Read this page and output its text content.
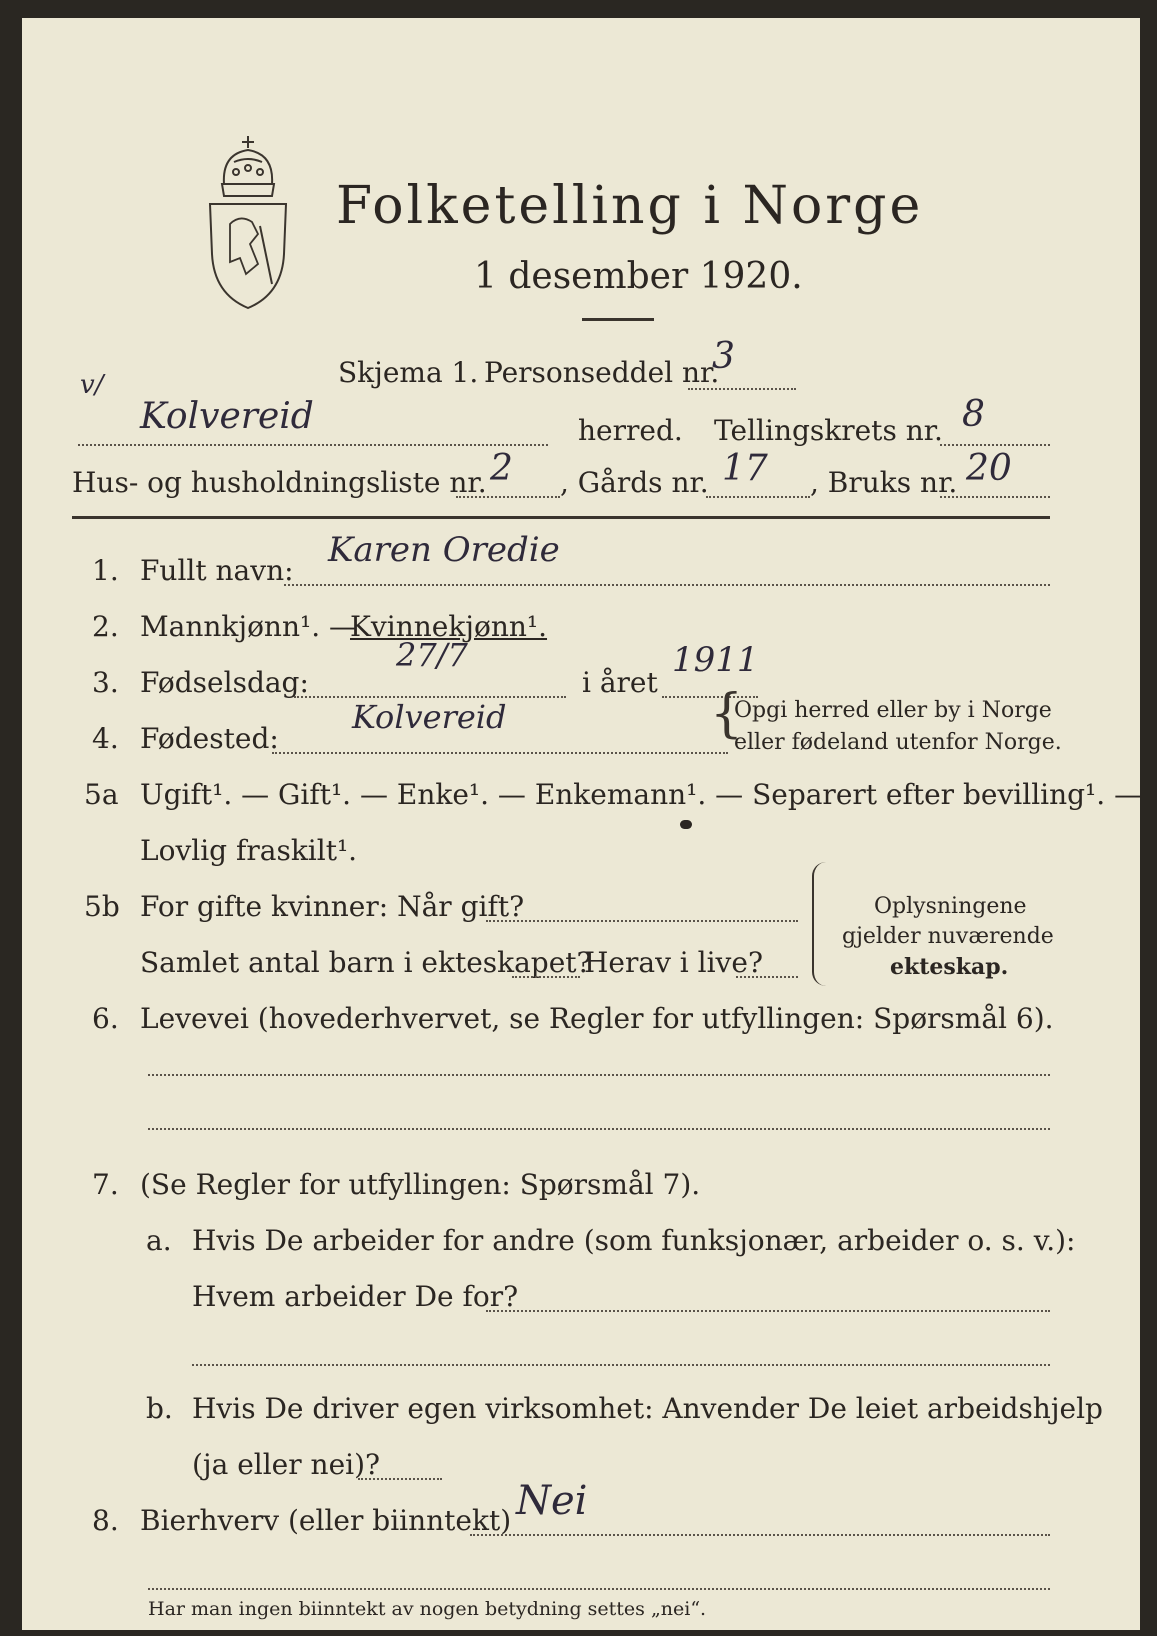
Folketelling i Norge
1 desember 1920.
Skjema 1. Personseddel nr.
3
v/
Kolvereid	herred. Tellingskrets nr. 8
Hus- og husholdningsliste nr. 2 , Gårds nr. 17 , Bruks nr. 20
1. Fullt navn:
Karen Oredie
2. Mannkjønn¹. —
Kvinnekjønn¹.
3. Fødselsdag:
27/7
i året
1911
4. Fødested:
Kolvereid	{
Opgi herred eller by i Norge
eller fødeland utenfor Norge.
5a Ugift¹. — Gift¹. — Enke¹. — Enkemann¹. — Separert efter bevilling¹. —
Lovlig fraskilt¹.
5b For gifte kvinner: Når gift?
Samlet antal barn i ekteskapet?
Herav i live?
Oplysningene
gjelder nuværende
ekteskap.
6. Levevei (hovederhvervet, se Regler for utfyllingen: Spørsmål 6).
7. (Se Regler for utfyllingen: Spørsmål 7).
a. Hvis De arbeider for andre (som funksjonær, arbeider o. s. v.):
Hvem arbeider De for?
b. Hvis De driver egen virksomhet: Anvender De leiet arbeidshjelp
(ja eller nei)?
8. Bierhverv (eller biinntekt) Nei
Har man ingen biinntekt av nogen betydning settes „nei“.
